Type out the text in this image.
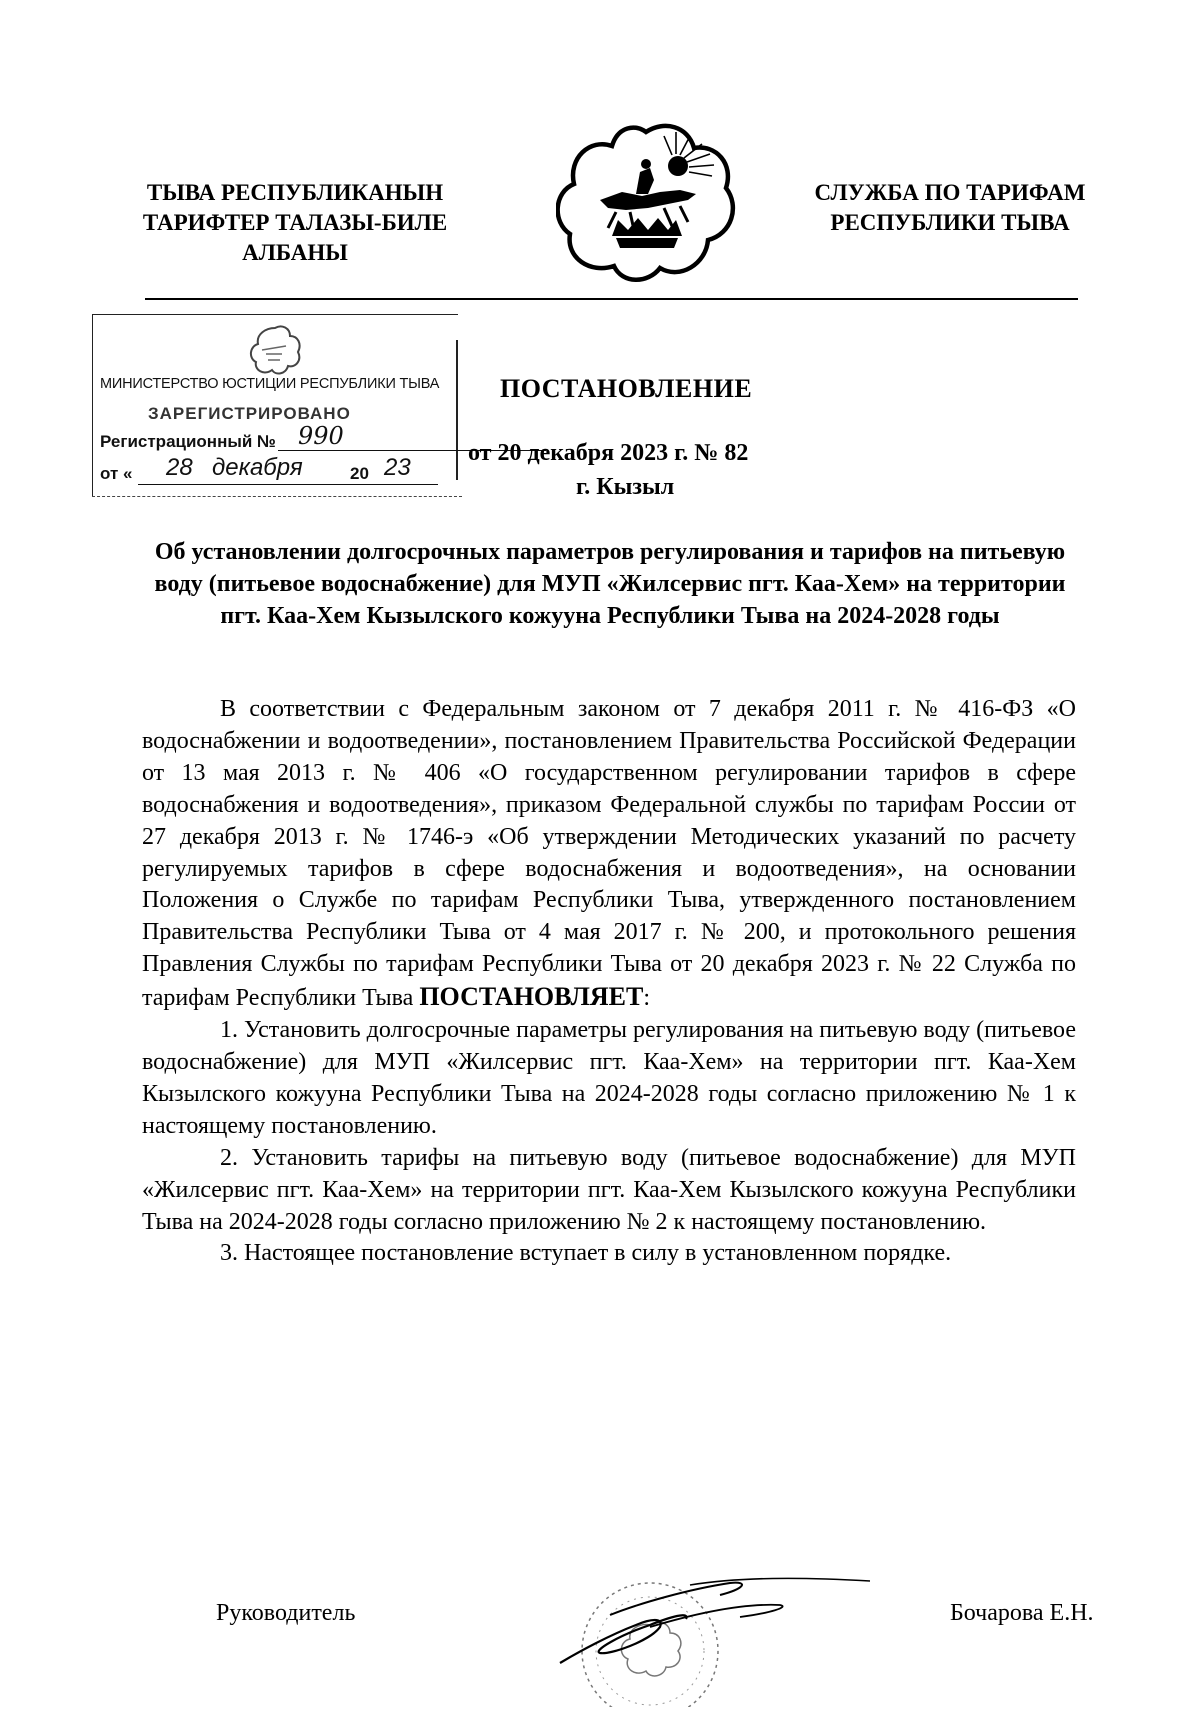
ТЫВА РЕСПУБЛИКАНЫН
ТАРИФТЕР ТАЛАЗЫ-БИЛЕ
АЛБАНЫ
СЛУЖБА ПО ТАРИФАМ
РЕСПУБЛИКИ ТЫВА
МИНИСТЕРСТВО ЮСТИЦИИ РЕСПУБЛИКИ ТЫВА
ЗАРЕГИСТРИРОВАНО
Регистрационный № 990
от « 28 декабря	20 23
ПОСТАНОВЛЕНИЕ
от 20 декабря 2023 г. № 82
г. Кызыл
Об установлении долгосрочных параметров регулирования и тарифов на питьевую воду (питьевое водоснабжение) для МУП «Жилсервис пгт. Каа-Хем» на территории пгт. Каа-Хем Кызылского кожууна Республики Тыва на 2024-2028 годы

В соответствии с Федеральным законом от 7 декабря 2011 г. № 416-ФЗ «О водоснабжении и водоотведении», постановлением Правительства Российской Федерации от 13 мая 2013 г. № 406 «О государственном регулировании тарифов в сфере водоснабжения и водоотведения», приказом Федеральной службы по тарифам России от 27 декабря 2013 г. № 1746-э «Об утверждении Методических указаний по расчету регулируемых тарифов в сфере водоснабжения и водоотведения», на основании Положения о Службе по тарифам Республики Тыва, утвержденного постановлением Правительства Республики Тыва от 4 мая 2017 г. № 200, и протокольного решения Правления Службы по тарифам Республики Тыва от 20 декабря 2023 г. № 22 Служба по тарифам Республики Тыва ПОСТАНОВЛЯЕТ:

1. Установить долгосрочные параметры регулирования на питьевую воду (питьевое водоснабжение) для МУП «Жилсервис пгт. Каа-Хем» на территории пгт. Каа-Хем Кызылского кожууна Республики Тыва на 2024-2028 годы согласно приложению № 1 к настоящему постановлению.

2. Установить тарифы на питьевую воду (питьевое водоснабжение) для МУП «Жилсервис пгт. Каа-Хем» на территории пгт. Каа-Хем Кызылского кожууна Республики Тыва на 2024-2028 годы согласно приложению № 2 к настоящему постановлению.

3. Настоящее постановление вступает в силу в установленном порядке.

Руководитель	Бочарова Е.Н.
